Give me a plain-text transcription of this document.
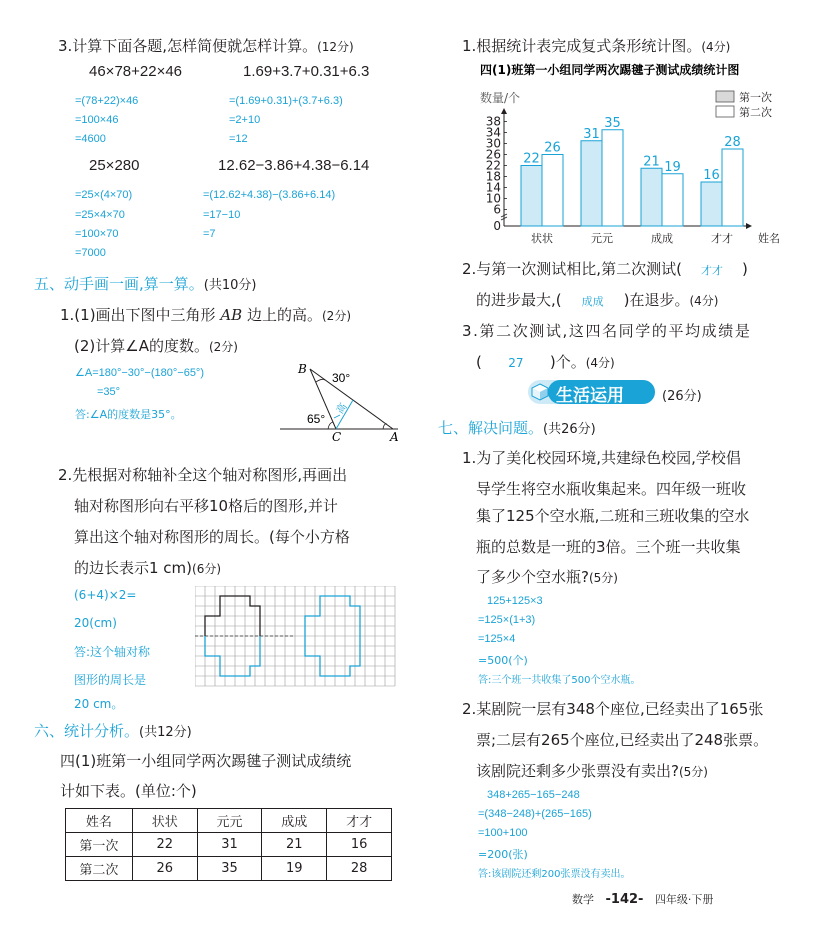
3.计算下面各题,怎样简便就怎样计算。(12分)
46×78+22×46	1.69+3.7+0.31+6.3
=(78+22)×46
=100×46
=4600
=(1.69+0.31)+(3.7+6.3)
=2+10
=12
25×280	12.62−3.86+4.38−6.14
=25×(4×70)
=25×4×70
=100×70
=7000
=(12.62+4.38)−(3.86+6.14)
=17−10
=7
五、动手画一画,算一算。(共10分)
1.(1)画出下图中三角形 AB 边上的高。(2分)
(2)计算∠A的度数。(2分)
∠A=180°−30°−(180°−65°)
=35°
答:∠A的度数是35°。
B
30°
65°
C	A
高
2.先根据对称轴补全这个轴对称图形,再画出
轴对称图形向右平移10格后的图形,并计
算出这个轴对称图形的周长。(每个小方格
的边长表示1 cm)(6分)
(6+4)×2=
20(cm)
答:这个轴对称
图形的周长是
20 cm。
六、统计分析。(共12分)
四(1)班第一小组同学两次踢毽子测试成绩统
计如下表。(单位:个)
姓名	状状	元元	成成	才才
第一次	22	31	21	16
第二次	26	35	19	28
1.根据统计表完成复式条形统计图。(4分)
四(1)班第一小组同学两次踢毽子测试成绩统计图
数量/个	第一次
第二次
0
6
10
14
18
22
26
30
34
38
22
26
31
35
21 19
16
28
状状	元元	成成	才才 姓名
2.与第一次测试相比,第二次测试( 才才 )
的进步最大,( 成成 )在退步。(4分)
3.第二次测试,这四名同学的平均成绩是
( 27 )个。(4分)
生活运用	(26分)
七、解决问题。(共26分)
1.为了美化校园环境,共建绿色校园,学校倡
导学生将空水瓶收集起来。四年级一班收
集了125个空水瓶,二班和三班收集的空水
瓶的总数是一班的3倍。三个班一共收集
了多少个空水瓶?(5分)
125+125×3
=125×(1+3)
=125×4
=500(个)
答:三个班一共收集了500个空水瓶。
2.某剧院一层有348个座位,已经卖出了165张
票;二层有265个座位,已经卖出了248张票。
该剧院还剩多少张票没有卖出?(5分)
348+265−165−248
=(348−248)+(265−165)
=100+100
=200(张)
答:该剧院还剩200张票没有卖出。
数学 -142- 四年级·下册
